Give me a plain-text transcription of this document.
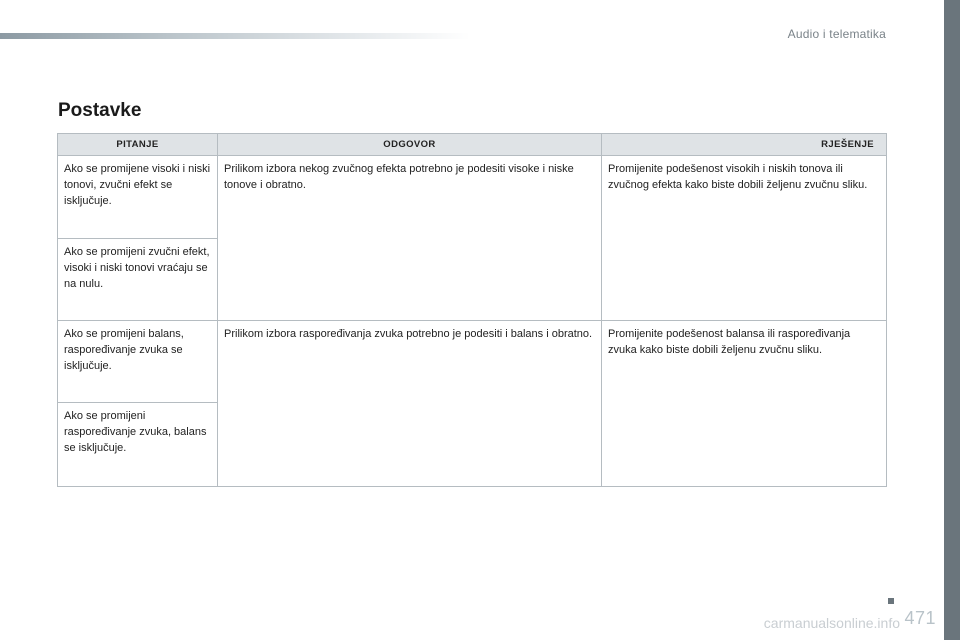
Audio i telematika
Postavke
PITANJE	ODGOVOR	RJEŠENJE
Ako se promijene visoki i niski tonovi, zvučni efekt se isključuje.	Prilikom izbora nekog zvučnog efekta potrebno je podesiti visoke i niske tonove i obratno.	Promijenite podešenost visokih i niskih tonova ili zvučnog efekta kako biste dobili željenu zvučnu sliku.
Ako se promijeni zvučni efekt, visoki i niski tonovi vraćaju se na nulu.		
Ako se promijeni balans, raspoređivanje zvuka se isključuje.	Prilikom izbora raspoređivanja zvuka potrebno je podesiti i balans i obratno.	Promijenite podešenost balansa ili raspoređivanja zvuka kako biste dobili željenu zvučnu sliku.
Ako se promijeni raspoređivanje zvuka, balans se isključuje.		
471
carmanualsonline.info
